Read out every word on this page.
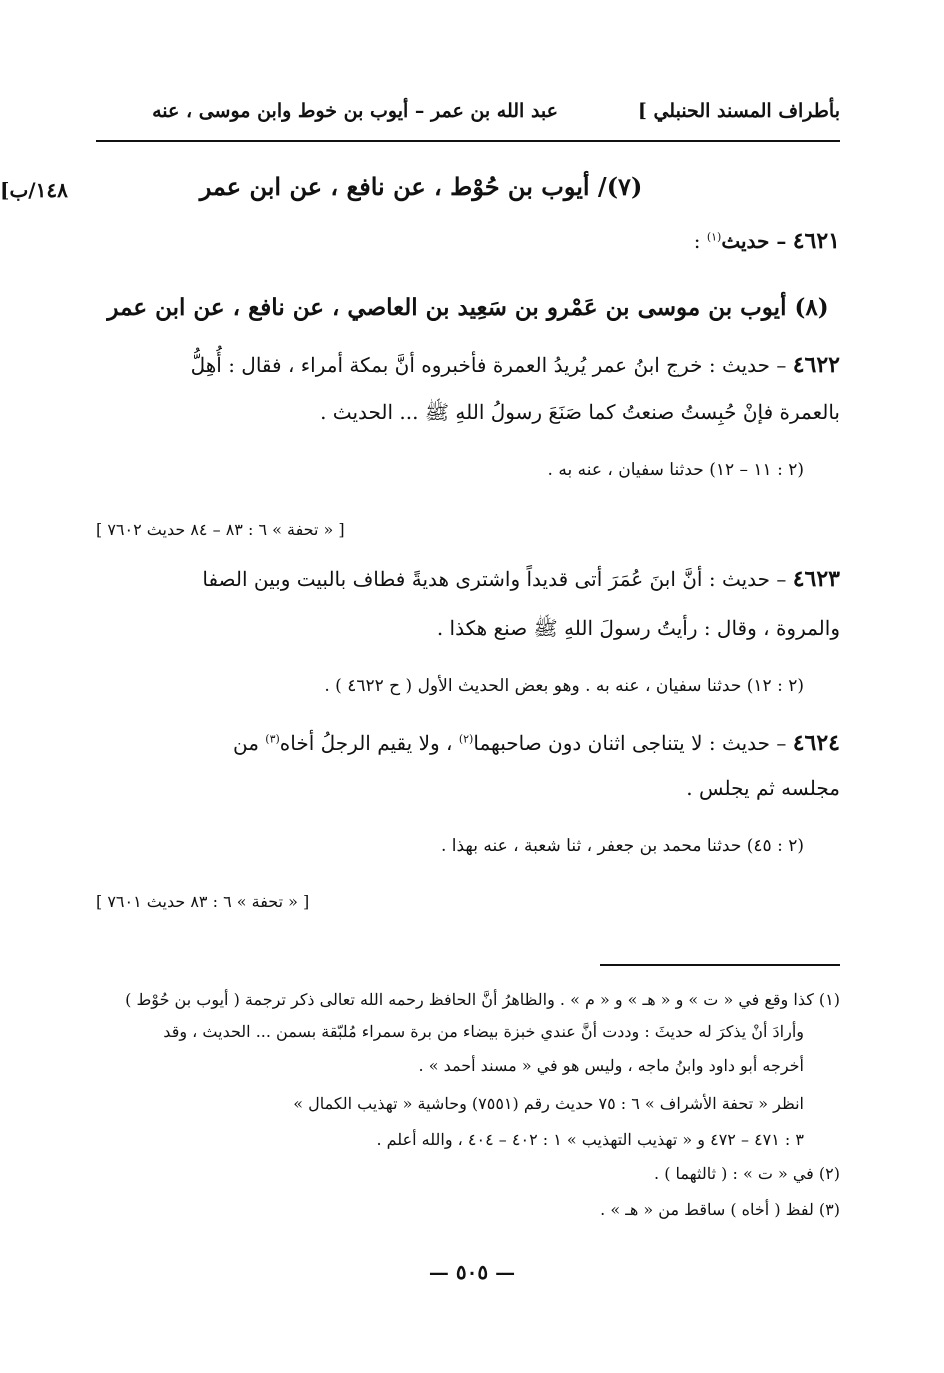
بأطراف المسند الحنبلي ]
عبد الله بن عمر – أيوب بن خوط وابن موسى ، عنه
[١٤٨/ب	(٧)/ أيوب بن حُوْط ، عن نافع ، عن ابن عمر
٤٦٢١ – حديث$^{(١)}$ :
(٨) أيوب بن موسى بن عَمْرو بن سَعِيد بن العاصي ، عن نافع ، عن ابن عمر
٤٦٢٢ – حديث : خرج ابنُ عمر يُريدُ العمرة فأخبروه أنَّ بمكة أمراء ، فقال : أُهِلُّ
بالعمرة فإنْ حُبِستُ صنعتُ كما صَنَعَ رسولُ اللهِ ﷺ ... الحديث .
(٢ : ١١ – ١٢) حدثنا سفيان ، عنه به .
[ « تحفة » ٦ : ٨٣ – ٨٤ حديث ٧٦٠٢ ]
٤٦٢٣ – حديث : أنَّ ابنَ عُمَرَ أتى قديداً واشترى هديةً فطاف بالبيت وبين الصفا
والمروة ، وقال : رأيتُ رسولَ اللهِ ﷺ صنع هكذا .
(٢ : ١٢) حدثنا سفيان ، عنه به . وهو بعض الحديث الأول ( ح ٤٦٢٢ ) .
٤٦٢٤ – حديث : لا يتناجى اثنان دون صاحبهما$^{(٢)}$ ، ولا يقيم الرجلُ أخاه$^{(٣)}$ من
مجلسه ثم يجلس .
(٢ : ٤٥) حدثنا محمد بن جعفر ، ثنا شعبة ، عنه بهذا .
[ « تحفة » ٦ : ٨٣ حديث ٧٦٠١ ]
(١) كذا وقع في « ت » و « هـ » و « م » . والظاهرُ أنَّ الحافظ رحمه الله تعالى ذكر ترجمة ( أيوب بن حُوْط )
وأرادَ أنْ يذكرَ له حديثَ : وددت أنَّ عندي خبزة بيضاء من برة سمراء مُلبّقة بسمن ... الحديث ، وقد
أخرجه أبو داود وابنُ ماجه ، وليس هو في « مسند أحمد » .
انظر « تحفة الأشراف » ٦ : ٧٥ حديث رقم (٧٥٥١) وحاشية « تهذيب الكمال »
٣ : ٤٧١ – ٤٧٢ و « تهذيب التهذيب » ١ : ٤٠٢ – ٤٠٤ ، والله أعلم .
(٢) في « ت » : ( ثالثهما ) .
(٣) لفظ ( أخاه ) ساقط من « هـ » .
— ٥٠٥ —
